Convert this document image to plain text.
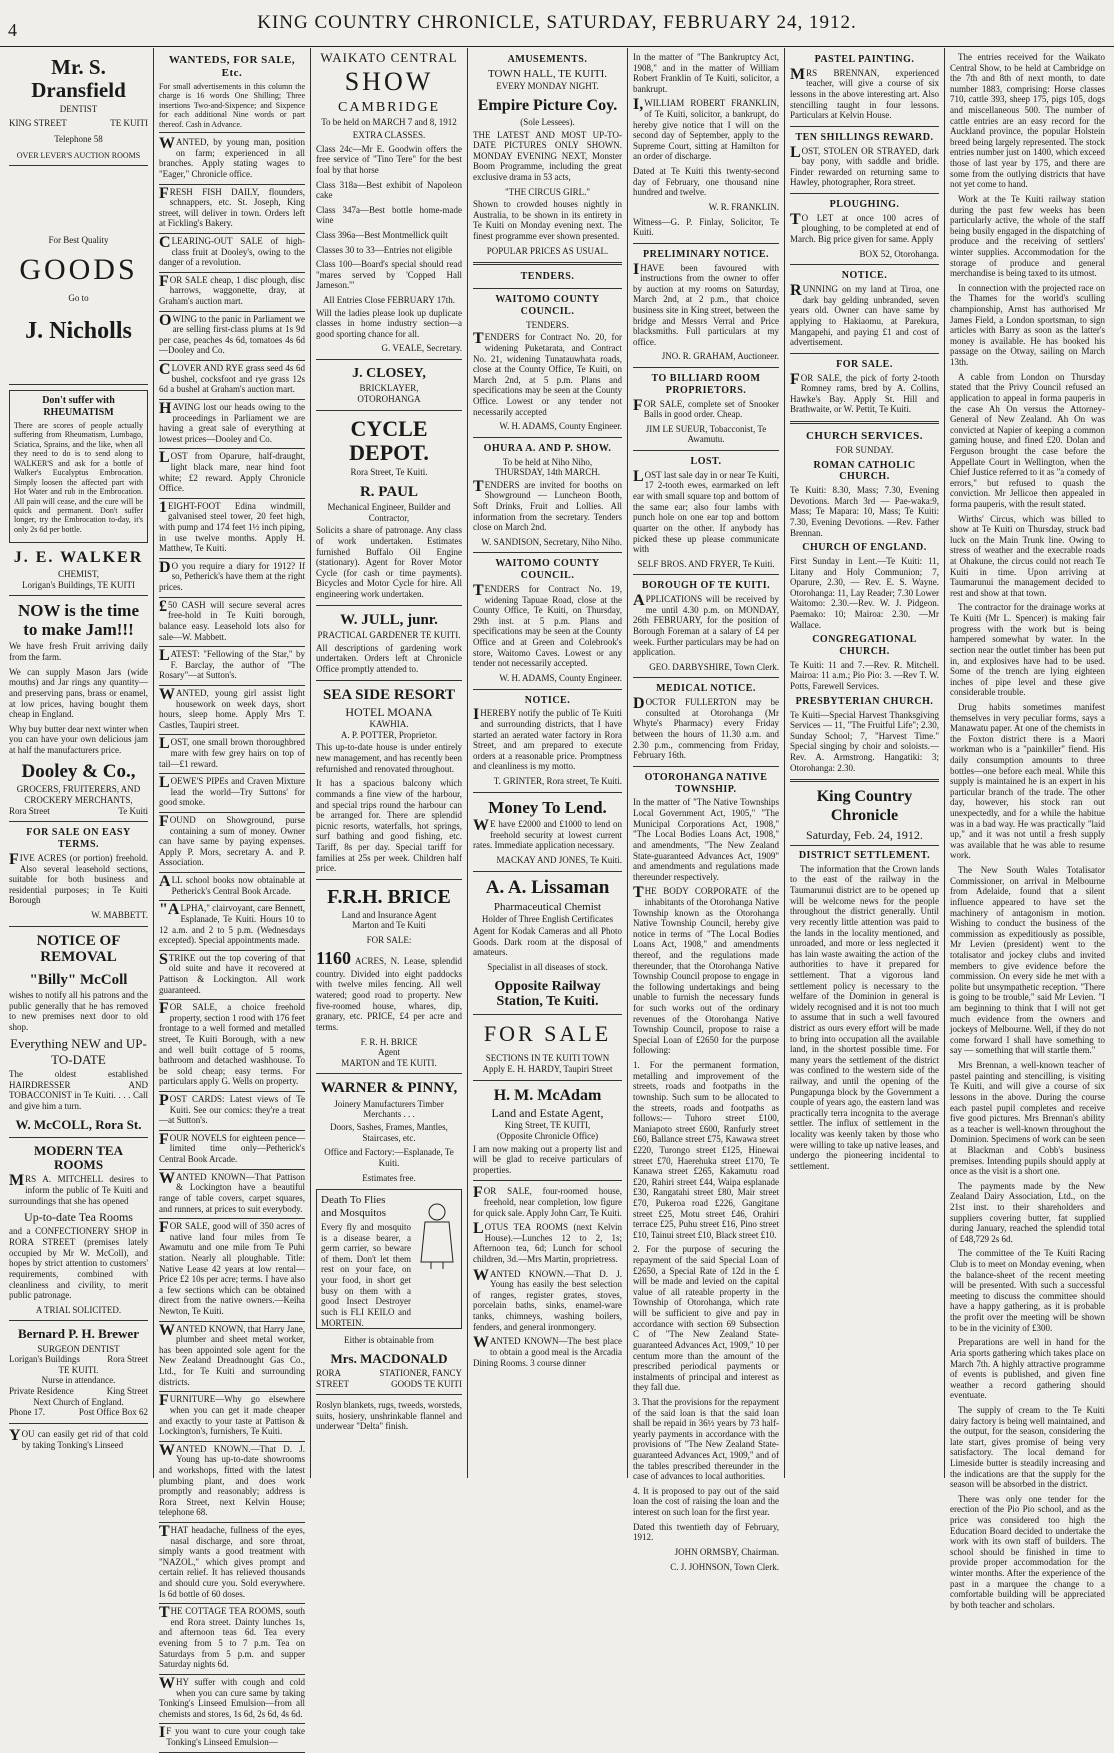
4	KING COUNTRY CHRONICLE, SATURDAY, FEBRUARY 24, 1912.
Mr. S. Dransfield
DENTIST
KING STREET	TE KUITI
Telephone 58
OVER LEVER'S AUCTION ROOMS
For Best Quality
GOODS
Go to
J. Nicholls
Don't suffer with RHEUMATISM

There are scores of people actually suffering from Rheumatism, Lumbago, Sciatica, Sprains, and the like, when all they need to do is to send along to WALKER'S and ask for a bottle of Walker's Eucalyptus Embrocation. Simply loosen the affected part with Hot Water and rub in the Embrocation. All pain will cease, and the cure will be quick and permanent. Don't suffer longer, try the Embrocation to-day, it's only 2s 6d per bottle.

J. E. WALKER
CHEMIST,
Lorigan's Buildings, TE KUITI
NOW is the time to make Jam!!!

We have fresh Fruit arriving daily from the farm.

We can supply Mason Jars (wide mouths) and Jar rings any quantity— and preserving pans, brass or enamel, at low prices, having bought them cheap in England.

Why buy butter dear next winter when you can have your own delicious jam at half the manufacturers price.

Dooley & Co.,
GROCERS, FRUITERERS, AND CROCKERY MERCHANTS,
Rora Street	Te Kuiti
FOR SALE ON EASY TERMS.

FIVE ACRES (or portion) freehold. Also several leasehold sections, suitable for both business and residential purposes; in Te Kuiti Borough

W. MABBETT.
NOTICE OF REMOVAL
"Billy" McColl

wishes to notify all his patrons and the public generally that he has removed to new premises next door to old shop.

Everything NEW and UP-TO-DATE

The oldest established HAIRDRESSER AND TOBACCONIST in Te Kuiti. . . . Call and give him a turn.

W. McCOLL, Rora St.
MODERN TEA ROOMS

MRS A. MITCHELL desires to inform the public of Te Kuiti and surroundings that she has opened

Up-to-date Tea Rooms

and a CONFECTIONERY SHOP in RORA STREET (premises lately occupied by Mr W. McColl), and hopes by strict attention to customers' requirements, combined with cleanliness and civility, to merit public patronage.

A TRIAL SOLICITED.
Bernard P. H. Brewer
SURGEON DENTIST
Lorigan's Buildings	Rora Street
TE KUITI.
Nurse in attendance.
Private Residence	King Street
Next Church of England.
Phone 17.	Post Office Box 62

YOU can easily get rid of that cold by taking Tonking's Linseed

WANTEDS, FOR SALE, Etc.

For small advertisements in this column the charge is 16 words One Shilling; Three insertions Two-and-Sixpence; and Sixpence for each additional Nine words or part thereof. Cash in Advance.

WANTED, by young man, position on farm; experienced in all branches. Apply stating wages to "Eager," Chronicle office.

FRESH FISH DAILY, flounders, schnappers, etc. St. Joseph, King street, will deliver in town. Orders left at Fickling's Bakery.

CLEARING-OUT SALE of high-class fruit at Dooley's, owing to the danger of a revolution.

FOR SALE cheap, 1 disc plough, disc harrows, waggonette, dray, at Graham's auction mart.

OWING to the panic in Parliament we are selling first-class plums at 1s 9d per case, peaches 4s 6d, tomatoes 4s 6d—Dooley and Co.

CLOVER AND RYE grass seed 4s 6d bushel, cocksfoot and rye grass 12s 6d a bushel at Graham's auction mart.

HAVING lost our heads owing to the proceedings in Parliament we are having a great sale of everything at lowest prices—Dooley and Co.

LOST from Oparure, half-draught, light black mare, near hind foot white; £2 reward. Apply Chronicle Office.

1EIGHT-FOOT Edina windmill, galvanised steel tower, 20 feet high, with pump and 174 feet 1½ inch piping, in use twelve months. Apply H. Matthew, Te Kuiti.

DO you require a diary for 1912? If so, Petherick's have them at the right prices.

£50 CASH will secure several acres free-hold in Te Kuiti borough, balance easy. Leasehold lots also for sale—W. Mabbett.

LATEST: "Fellowing of the Star," by F. Barclay, the author of "The Rosary"—at Sutton's.

WANTED, young girl assist light housework on week days, short hours, sleep home. Apply Mrs T. Castles, Taupiri street.

LOST, one small brown thoroughbred mare with few grey hairs on top of tail—£1 reward.

LOEWE'S PIPEs and Craven Mixture lead the world—Try Suttons' for good smoke.

FOUND on Showground, purse containing a sum of money. Owner can have same by paying expenses. Apply P. Mors, secretary A. and P. Association.

ALL school books now obtainable at Petherick's Central Book Arcade.

"ALPHA," clairvoyant, care Bennett, Esplanade, Te Kuiti. Hours 10 to 12 a.m. and 2 to 5 p.m. (Wednesdays excepted). Special appointments made.

STRIKE out the top covering of that old suite and have it recovered at Pattison & Lockington. All work guaranteed.

FOR SALE, a choice freehold property, section 1 rood with 176 feet frontage to a well formed and metalled street, Te Kuiti Borough, with a new and well built cottage of 5 rooms, bathroom and detached washhouse. To be sold cheap; easy terms. For particulars apply G. Wells on property.

POST CARDS: Latest views of Te Kuiti. See our comics: they're a treat—at Sutton's.

FOUR NOVELS for eighteen pence—limited time only—Petherick's Central Book Arcade.

WANTED KNOWN—That Pattison & Lockington have a beautiful range of table covers, carpet squares, and runners, at prices to suit everybody.

FOR SALE, good will of 350 acres of native land four miles from Te Awamutu and one mile from Te Puhi station. Nearly all ploughable. Title: Native Lease 42 years at low rental—Price £2 10s per acre; terms. I have also a few sections which can be obtained direct from the native owners.—Keiha Newton, Te Kuiti.

WANTED KNOWN, that Harry Jane, plumber and sheet metal worker, has been appointed sole agent for the New Zealand Dreadnought Gas Co., Ltd., for Te Kuiti and surrounding districts.

FURNITURE—Why go elsewhere when you can get it made cheaper and exactly to your taste at Pattison & Lockington's, furnishers, Te Kuiti.

WANTED KNOWN.—That D. J. Young has up-to-date showrooms and workshops, fitted with the latest plumbing plant, and does work promptly and reasonably; address is Rora Street, next Kelvin House; telephone 68.

THAT headache, fullness of the eyes, nasal discharge, and sore throat, simply wants a good treatment with "NAZOL," which gives prompt and certain relief. It has relieved thousands and should cure you. Sold everywhere. Is 6d bottle of 60 doses.

THE COTTAGE TEA ROOMS, south end Rora street. Dainty lunches 1s, and afternoon teas 6d. Tea every evening from 5 to 7 p.m. Tea on Saturdays from 5 p.m. and supper Saturday nights 6d.

WHY suffer with cough and cold when you can cure same by taking Tonking's Linseed Emulsion—from all chemists and stores, 1s 6d, 2s 6d, 4s 6d.

IF you want to cure your cough take Tonking's Linseed Emulsion—

WAIKATO CENTRAL
SHOW
CAMBRIDGE
To be held on MARCH 7 and 8, 1912
EXTRA CLASSES.

Class 24c—Mr E. Goodwin offers the free service of "Tino Tere" for the best foal by that horse

Class 318a—Best exhibit of Napoleon cake

Class 347a—Best bottle home-made wine

Class 396a—Best Montmellick quilt

Classes 30 to 33—Entries not eligible

Class 100—Board's special should read "mares served by 'Copped Hall Jameson.'"

All Entries Close FEBRUARY 17th.

Will the ladies please look up duplicate classes in home industry section—a good sporting chance for all.

G. VEALE, Secretary.
J. CLOSEY,
BRICKLAYER,
OTOROHANGA
CYCLE DEPOT.
Rora Street, Te Kuiti.
R. PAUL
Mechanical Engineer, Builder and Contractor,

Solicits a share of patronage. Any class of work undertaken. Estimates furnished Buffalo Oil Engine (stationary). Agent for Rover Motor Cycle (for cash or time payments). Bicycles and Motor Cycle for hire. All engineering work undertaken.

W. JULL, junr.
PRACTICAL GARDENER TE KUITI.

All descriptions of gardening work undertaken. Orders left at Chronicle Office promptly attended to.

SEA SIDE RESORT
HOTEL MOANA
KAWHIA.
A. P. POTTER, Proprietor.

This up-to-date house is under entirely new management, and has recently been refurnished and renovated throughout.

It has a spacious balcony which commands a fine view of the harbour, and special trips round the harbour can be arranged for. There are splendid picnic resorts, waterfalls, hot springs, surf bathing and good fishing, etc. Tariff, 8s per day. Special tariff for families at 25s per week. Children half price.

F.R.H. BRICE
Land and Insurance Agent
Marton and Te Kuiti
FOR SALE:

1160 ACRES, N. Lease, splendid country. Divided into eight paddocks with twelve miles fencing. All well watered; good road to property. New five-roomed house, whares, dip, granary, etc. PRICE, £4 per acre and terms.

F. R. H. BRICE
Agent
MARTON and TE KUITI.
WARNER & PINNY,
Joinery Manufacturers Timber Merchants . . .

Doors, Sashes, Frames, Mantles, Staircases, etc.

Office and Factory:—Esplanade, Te Kuiti.

Estimates free.
Death To Flies and Mosquitos

Every fly and mosquito is a disease bearer, a germ carrier, so beware of them. Don't let them rest on your face, on your food, in short get busy on them with a good Insect Destroyer such is FLI KEILO and MORTEIN.

Either is obtainable from
Mrs. MACDONALD
RORA STREET
STATIONER, FANCY GOODS TE KUITI

Roslyn blankets, rugs, tweeds, worsteds, suits, hosiery, unshrinkable flannel and underwear "Delta" finish.

AMUSEMENTS.
TOWN HALL, TE KUITI.
EVERY MONDAY NIGHT.
Empire Picture Coy.
(Sole Lessees).

THE LATEST AND MOST UP-TO-DATE PICTURES ONLY SHOWN. MONDAY EVENING NEXT, Monster Boom Programme, including the great exclusive drama in 53 acts,

"THE CIRCUS GIRL."

Shown to crowded houses nightly in Australia, to be shown in its entirety in Te Kuiti on Monday evening next. The finest programme ever shown presented.

POPULAR PRICES AS USUAL.
TENDERS.
WAITOMO COUNTY COUNCIL.
TENDERS.

TENDERS for Contract No. 20, for widening Puketarata, and Contract No. 21, widening Tunatauwhata roads, close at the County Office, Te Kuiti, on March 2nd, at 5 p.m. Plans and specifications may be seen at the County Office. Lowest or any tender not necessarily accepted

W. H. ADAMS, County Engineer.
OHURA A. AND P. SHOW.
To be held at Niho Niho,
THURSDAY, 14th MARCH.

TENDERS are invited for booths on Showground — Luncheon Booth, Soft Drinks, Fruit and Lollies. All information from the secretary. Tenders close on March 2nd.

W. SANDISON, Secretary, Niho Niho.
WAITOMO COUNTY COUNCIL.

TENDERS for Contract No. 19, widening Tapuae Road, close at the County Office, Te Kuiti, on Thursday, 29th inst. at 5 p.m. Plans and specifications may be seen at the County Office and at Green and Colebrook's store, Waitomo Caves. Lowest or any tender not necessarily accepted.

W. H. ADAMS, County Engineer.
NOTICE.

IHEREBY notify the public of Te Kuiti and surrounding districts, that I have started an aerated water factory in Rora Street, and am prepared to execute orders at a reasonable price. Promptness and cleanliness is my motto.

T. GRINTER, Rora street, Te Kuiti.
Money To Lend.

WE have £2000 and £1000 to lend on freehold security at lowest current rates. Immediate application necessary.

MACKAY AND JONES, Te Kuiti.
A. A. Lissaman
Pharmaceutical Chemist
Holder of Three English Certificates

Agent for Kodak Cameras and all Photo Goods. Dark room at the disposal of amateurs.

Specialist in all diseases of stock.
Opposite Railway Station, Te Kuiti.
FOR SALE
SECTIONS IN TE KUITI TOWN
Apply E. H. HARDY, Taupiri Street
H. M. McAdam
Land and Estate Agent,
King Street, TE KUITI,
(Opposite Chronicle Office)

I am now making out a property list and will be glad to receive particulars of properties.

FOR SALE, four-roomed house, freehold, near completion, low figure for quick sale. Apply John Carr, Te Kuiti.

LOTUS TEA ROOMS (next Kelvin House).—Lunches 12 to 2, 1s; Afternoon tea, 6d; Lunch for school children, 3d.—Mrs Martin, proprietress.

WANTED KNOWN.—That D. J. Young has easily the best selection of ranges, register grates, stoves, porcelain baths, sinks, enamel-ware tanks, chimneys, washing boilers, fenders, and general ironmongery.

WANTED KNOWN—The best place to obtain a good meal is the Arcadia Dining Rooms. 3 course dinner

In the matter of "The Bankruptcy Act, 1908," and in the matter of William Robert Franklin of Te Kuiti, solicitor, a bankrupt.

I,WILLIAM ROBERT FRANKLIN, of Te Kuiti, solicitor, a bankrupt, do hereby give notice that I will on the second day of September, apply to the Supreme Court, sitting at Hamilton for an order of discharge.

Dated at Te Kuiti this twenty-second day of February, one thousand nine hundred and twelve.

W. R. FRANKLIN.

Witness—G. P. Finlay, Solicitor, Te Kuiti.

PRELIMINARY NOTICE.

IHAVE been favoured with instructions from the owner to offer by auction at my rooms on Saturday, March 2nd, at 2 p.m., that choice business site in King street, between the bridge and Messrs Verral and Price blacksmiths. Full particulars at my office.

JNO. R. GRAHAM, Auctioneer.
TO BILLIARD ROOM PROPRIETORS.

FOR SALE, complete set of Snooker Balls in good order. Cheap.

JIM LE SUEUR, Tobacconist, Te Awamutu.
LOST.

LOST last sale day in or near Te Kuiti, 17 2-tooth ewes, earmarked on left ear with small square top and bottom of the same ear; also four lambs with punch hole on one ear top and bottom quarter on the other. If anybody has picked these up please communicate with

SELF BROS. AND FRYER, Te Kuiti.
BOROUGH OF TE KUITI.

APPLICATIONS will be received by me until 4.30 p.m. on MONDAY, 26th FEBRUARY, for the position of Borough Foreman at a salary of £4 per week. Further particulars may be had on application.

GEO. DARBYSHIRE, Town Clerk.
MEDICAL NOTICE.

DOCTOR FULLERTON may be consulted at Otorohanga (Mr Whyte's Pharmacy) every Friday between the hours of 11.30 a.m. and 2.30 p.m., commencing from Friday, February 16th.

OTOROHANGA NATIVE TOWNSHIP.

In the matter of "The Native Townships Local Government Act, 1905," "The Municipal Corporations Act, 1908," "The Local Bodies Loans Act, 1908," and amendments, "The New Zealand State-guaranteed Advances Act, 1909" and amendments and regulations made thereunder respectively.

THE BODY CORPORATE of the inhabitants of the Otorohanga Native Township known as the Otorohanga Native Township Council, hereby give notice in terms of "The Local Bodies Loans Act, 1908," and amendments thereof, and the regulations made thereunder, that the Otorohanga Native Township Council propose to engage in the following undertakings and being unable to furnish the necessary funds for such works out of the ordinary revenues of the Otorohanga Native Township Council, propose to raise a Special Loan of £2650 for the purpose following:

1. For the permanent formation, metalling and improvement of the streets, roads and footpaths in the township. Such sum to be allocated to the streets, roads and footpaths as follows:— Tuhoro street £100, Maniapoto street £600, Ranfurly street £60, Ballance street £75, Kawawa street £220, Turongo street £125, Hinewai street £70, Haerehuka street £170, Te Kanawa street £265, Kakamutu road £20, Rahiri street £44, Waipa esplanade £30, Rangatahi street £80, Mair street £70, Pukeroa road £226, Gangitane street £25, Motu street £46, Orahiri terrace £25, Puhu street £16, Pino street £10, Tainui street £10, Black street £10.

2. For the purpose of securing the repayment of the said Special Loan of £2650, a Special Rate of 12d in the £ will be made and levied on the capital value of all rateable property in the Township of Otorohanga, which rate will be sufficient to give and pay in accordance with section 69 Subsection C of "The New Zealand State-guaranteed Advances Act, 1909," 10 per centum more than the amount of the prescribed periodical payments or instalments of principal and interest as they fall due.

3. That the provisions for the repayment of the said loan is that the said loan shall be repaid in 36½ years by 73 half-yearly payments in accordance with the provisions of "The New Zealand State-guaranteed Advances Act, 1909," and of the tables prescribed thereunder in the case of advances to local authorities.

4. It is proposed to pay out of the said loan the cost of raising the loan and the interest on such loan for the first year.

Dated this twentieth day of February, 1912.

JOHN ORMSBY, Chairman.
C. J. JOHNSON, Town Clerk.
PASTEL PAINTING.

MRS BRENNAN, experienced teacher, will give a course of six lessons in the above interesting art. Also stencilling taught in four lessons. Particulars at Kelvin House.

TEN SHILLINGS REWARD.

LOST, STOLEN OR STRAYED, dark bay pony, with saddle and bridle. Finder rewarded on returning same to Hawley, photographer, Rora street.

PLOUGHING.

TO LET at once 100 acres of ploughing, to be completed at end of March. Big price given for same. Apply

BOX 52, Otorohanga.
NOTICE.

RUNNING on my land at Tiroa, one dark bay gelding unbranded, seven years old. Owner can have same by applying to Hakiaomu, at Parekura, Mangapehi, and paying £1 and cost of advertisement.

FOR SALE.

FOR SALE, the pick of forty 2-tooth Romney rams, bred by A. Collins, Hawke's Bay. Apply St. Hill and Brathwaite, or W. Pettit, Te Kuiti.

CHURCH SERVICES.
FOR SUNDAY.
ROMAN CATHOLIC CHURCH.

Te Kuiti: 8.30, Mass; 7.30, Evening Devotions. March 3rd — Pae-waka:9, Mass; Te Mapara: 10, Mass; Te Kuiti: 7.30, Evening Devotions. —Rev. Father Brennan.

CHURCH OF ENGLAND.

First Sunday in Lent.—Te Kuiti: 11, Litany and Holy Communion; 7, Oparure, 2.30, — Rev. E. S. Wayne. Otorohanga: 11, Lay Reader; 7.30 Lower Waitomo: 2.30.—Rev. W. J. Pidgeon. Paemako: 10; Mairoa: 2.30. —Mr Wallace.

CONGREGATIONAL CHURCH.

Te Kuiti: 11 and 7.—Rev. R. Mitchell. Mairoa: 11 a.m.; Pio Pio: 3. —Rev T. W. Potts, Farewell Services.

PRESBYTERIAN CHURCH.

Te Kuiti—Special Harvest Thanksgiving Services — 11, "The Fruitful Life"; 2.30, Sunday School; 7, "Harvest Time." Special singing by choir and soloists.—Rev. A. Armstrong. Hangatiki: 3; Otorohanga: 2.30.

King Country Chronicle
Saturday, Feb. 24, 1912.
DISTRICT SETTLEMENT.

The information that the Crown lands to the east of the railway in the Taumarunui district are to be opened up will be welcome news for the people throughout the district generally. Until very recently little attention was paid to the lands in the locality mentioned, and unroaded, and more or less neglected it has lain waste awaiting the action of the authorities to have it prepared for settlement. That a vigorous land settlement policy is necessary to the welfare of the Dominion in general is widely recognised and it is not too much to assume that in such a well favoured district as ours every effort will be made to bring into occupation all the available land, in the shortest possible time. For many years the settlement of the district was confined to the western side of the railway, and until the opening of the Pungapunga block by the Government a couple of years ago, the eastern land was practically terra incognita to the average settler. The influx of settlement in the locality was keenly taken by those who were willing to take up native leases, and undergo the pioneering incidental to settlement.

The entries received for the Waikato Central Show, to be held at Cambridge on the 7th and 8th of next month, to date number 1883, comprising: Horse classes 710, cattle 393, sheep 175, pigs 105, dogs and miscellaneous 500. The number of cattle entries are an easy record for the Auckland province, the popular Holstein breed being largely represented. The stock entries number just on 1400, which exceed those of last year by 175, and there are some from the outlying districts that have not yet come to hand.

Work at the Te Kuiti railway station during the past few weeks has been particularly active, the whole of the staff being busily engaged in the dispatching of produce and the receiving of settlers' winter supplies. Accommodation for the storage of produce and general merchandise is being taxed to its utmost.

In connection with the projected race on the Thames for the world's sculling championship, Arnst has authorised Mr James Field, a London sportsman, to sign articles with Barry as soon as the latter's money is available. He has booked his passage on the Otway, sailing on March 13th.

A cable from London on Thursday stated that the Privy Council refused an application to appeal in forma pauperis in the case Ah On versus the Attorney-General of New Zealand. Ah On was convicted at Napier of keeping a common gaming house, and fined £20. Dolan and Ferguson brought the case before the Appellate Court in Wellington, when the Chief Justice referred to it as "a comedy of errors," but refused to quash the conviction. Mr Jellicoe then appealed in forma pauperis, with the result stated.

Wirths' Circus, which was billed to show at Te Kuiti on Thursday, struck bad luck on the Main Trunk line. Owing to stress of weather and the execrable roads at Ohakune, the circus could not reach Te Kuiti in time. Upon arriving at Taumarunui the management decided to rest and show at that town.

The contractor for the drainage works at Te Kuiti (Mr L. Spencer) is making fair progress with the work but is being hampered somewhat by water. In the section near the outlet timber has been put in, and explosives have had to be used. Some of the trench are lying eighteen inches of pipe level and these give considerable trouble.

Drug habits sometimes manifest themselves in very peculiar forms, says a Manawatu paper. At one of the chemists in the Foxton district there is a Maori workman who is a "painkiller" fiend. His daily consumption amounts to three bottles—one before each meal. While this supply is maintained he is an expert in his particular branch of the trade. The other day, however, his stock ran out unexpectedly, and for a while the habitue was in a bad way. He was practically "laid up," and it was not until a fresh supply was available that he was able to resume work.

The New South Wales Totalisator Commissioner, on arrival in Melbourne from Adelaide, found that a silent influence appeared to have set the machinery of antagonism in motion. Wishing to conduct the business of the commission as expeditiously as possible, Mr Levien (president) went to the totalisator and jockey clubs and invited members to give evidence before the commission. On every side he met with a polite but unsympathetic reception. "There is going to be trouble," said Mr Levien. "I am beginning to think that I will not get much evidence from the owners and jockeys of Melbourne. Well, if they do not come forward I shall have something to say — something that will startle them."

Mrs Brennan, a well-known teacher of pastel painting and stencilling, is visiting Te Kuiti, and will give a course of six lessons in the above. During the course each pastel pupil completes and receive five good pictures. Mrs Brennan's ability as a teacher is well-known throughout the Dominion. Specimens of work can be seen at Blackman and Cobb's business premises. Intending pupils should apply at once as the visit is a short one.

The payments made by the New Zealand Dairy Association, Ltd., on the 21st inst. to their shareholders and suppliers covering butter, fat supplied during January, reached the splendid total of £48,729 2s 6d.

The committee of the Te Kuiti Racing Club is to meet on Monday evening, when the balance-sheet of the recent meeting will be presented. With such a successful meeting to discuss the committee should have a happy gathering, as it is probable the profit over the meeting will be shown to be in the vicinity of £300.

Preparations are well in hand for the Aria sports gathering which takes place on March 7th. A highly attractive programme of events is published, and given fine weather a record gathering should eventuate.

The supply of cream to the Te Kuiti dairy factory is being well maintained, and the output, for the season, considering the late start, gives promise of being very satisfactory. The local demand for Limeside butter is steadily increasing and the indications are that the supply for the season will be absorbed in the district.

There was only one tender for the erection of the Pio Pio school, and as the price was considered too high the Education Board decided to undertake the work with its own staff of builders. The school should be finished in time to provide proper accommodation for the winter months. After the experience of the past in a marquee the change to a comfortable building will be appreciated by both teacher and scholars.
